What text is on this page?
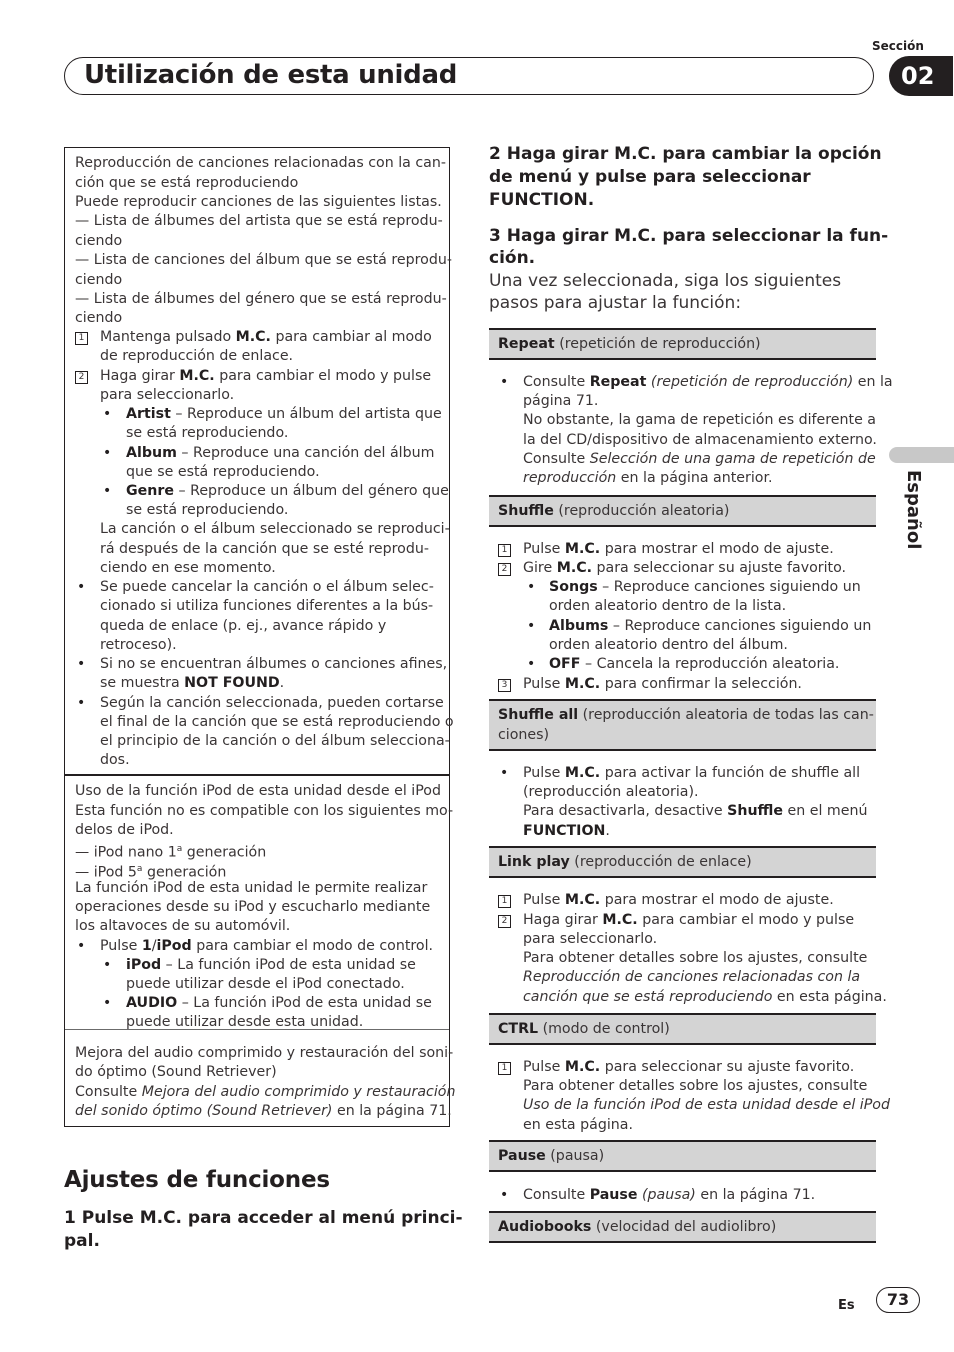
Utilización de esta unidad
Sección
02
Español
Reproducción de canciones relacionadas con la can-
ción que se está reproduciendo
Puede reproducir canciones de las siguientes listas.
— Lista de álbumes del artista que se está reprodu-
ciendo
— Lista de canciones del álbum que se está reprodu-
ciendo
— Lista de álbumes del género que se está reprodu-
ciendo
1 Mantenga pulsado M.C. para cambiar al modo
de reproducción de enlace.
2 Haga girar M.C. para cambiar el modo y pulse
para seleccionarlo.
• Artist – Reproduce un álbum del artista que
se está reproduciendo.
• Album – Reproduce una canción del álbum
que se está reproduciendo.
• Genre – Reproduce un álbum del género que
se está reproduciendo.
La canción o el álbum seleccionado se reproduci-
rá después de la canción que se esté reprodu-
ciendo en ese momento.
• Se puede cancelar la canción o el álbum selec-
cionado si utiliza funciones diferentes a la bús-
queda de enlace (p. ej., avance rápido y
retroceso).
• Si no se encuentran álbumes o canciones afines,
se muestra NOT FOUND.
• Según la canción seleccionada, pueden cortarse
el final de la canción que se está reproduciendo o
el principio de la canción o del álbum selecciona-
dos.
Uso de la función iPod de esta unidad desde el iPod
Esta función no es compatible con los siguientes mo-
delos de iPod.
— iPod nano 1$^a$ generación
— iPod 5$^a$ generación
La función iPod de esta unidad le permite realizar
operaciones desde su iPod y escucharlo mediante
los altavoces de su automóvil.
• Pulse 1/iPod para cambiar el modo de control.
• iPod – La función iPod de esta unidad se
puede utilizar desde el iPod conectado.
• AUDIO – La función iPod de esta unidad se
puede utilizar desde esta unidad.
Mejora del audio comprimido y restauración del soni-
do óptimo (Sound Retriever)
Consulte Mejora del audio comprimido y restauración
del sonido óptimo (Sound Retriever) en la página 71.
Ajustes de funciones
1 Pulse M.C. para acceder al menú princi-
pal.
2 Haga girar M.C. para cambiar la opción
de menú y pulse para seleccionar
FUNCTION.
3 Haga girar M.C. para seleccionar la fun-
ción.
Una vez seleccionada, siga los siguientes
pasos para ajustar la función:
Repeat (repetición de reproducción)
• Consulte Repeat (repetición de reproducción) en la
página 71.
No obstante, la gama de repetición es diferente a
la del CD/dispositivo de almacenamiento externo.
Consulte Selección de una gama de repetición de
reproducción en la página anterior.
Shuffle (reproducción aleatoria)
1 Pulse M.C. para mostrar el modo de ajuste.
2 Gire M.C. para seleccionar su ajuste favorito.
• Songs – Reproduce canciones siguiendo un
orden aleatorio dentro de la lista.
• Albums – Reproduce canciones siguiendo un
orden aleatorio dentro del álbum.
• OFF – Cancela la reproducción aleatoria.
3 Pulse M.C. para confirmar la selección.
Shuffle all (reproducción aleatoria de todas las can-
ciones)
• Pulse M.C. para activar la función de shuffle all
(reproducción aleatoria).
Para desactivarla, desactive Shuffle en el menú
FUNCTION.
Link play (reproducción de enlace)
1 Pulse M.C. para mostrar el modo de ajuste.
2 Haga girar M.C. para cambiar el modo y pulse
para seleccionarlo.
Para obtener detalles sobre los ajustes, consulte
Reproducción de canciones relacionadas con la
canción que se está reproduciendo en esta página.
CTRL (modo de control)
1 Pulse M.C. para seleccionar su ajuste favorito.
Para obtener detalles sobre los ajustes, consulte
Uso de la función iPod de esta unidad desde el iPod
en esta página.
Pause (pausa)
• Consulte Pause (pausa) en la página 71.
Audiobooks (velocidad del audiolibro)
Es	73
